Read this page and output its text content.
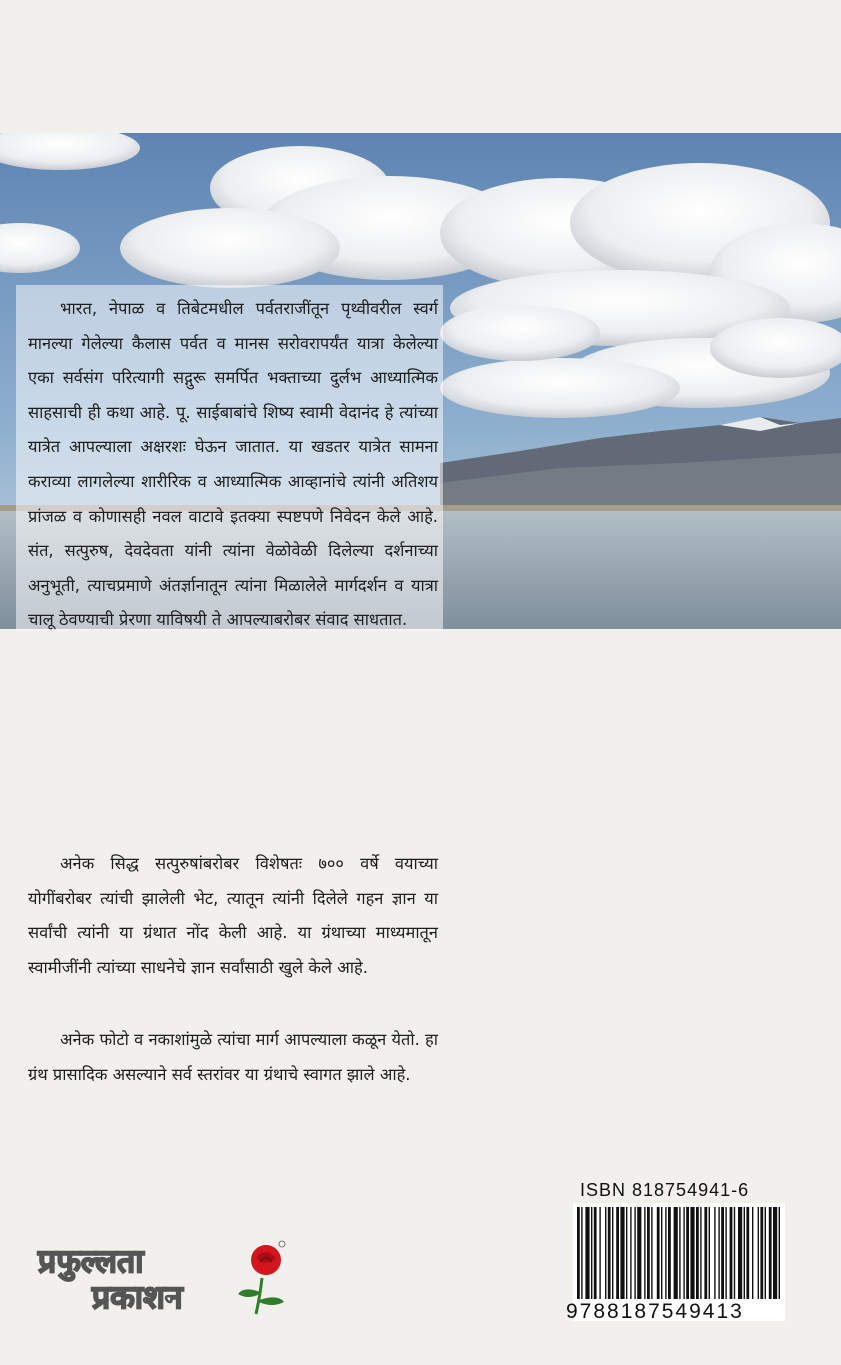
भारत, नेपाळ व तिबेटमधील पर्वतराजींतून पृथ्वीवरील स्वर्ग मानल्या गेलेल्या कैलास पर्वत व मानस सरोवरापर्यंत यात्रा केलेल्या एका सर्वसंग परित्यागी सद्गुरू समर्पित भक्ताच्या दुर्लभ आध्यात्मिक साहसाची ही कथा आहे. पू. साईबाबांचे शिष्य स्वामी वेदानंद हे त्यांच्या यात्रेत आपल्याला अक्षरशः घेऊन जातात. या खडतर यात्रेत सामना कराव्या लागलेल्या शारीरिक व आध्यात्मिक आव्हानांचे त्यांनी अतिशय प्रांजळ व कोणासही नवल वाटावे इतक्या स्पष्टपणे निवेदन केले आहे. संत, सत्पुरुष, देवदेवता यांनी त्यांना वेळोवेळी दिलेल्या दर्शनाच्या अनुभूती, त्याचप्रमाणे अंतर्ज्ञानातून त्यांना मिळालेले मार्गदर्शन व यात्रा चालू ठेवण्याची प्रेरणा याविषयी ते आपल्याबरोबर संवाद साधतात.

अनेक सिद्ध सत्पुरुषांबरोबर विशेषतः ७०० वर्षे वयाच्या योगींबरोबर त्यांची झालेली भेट, त्यातून त्यांनी दिलेले गहन ज्ञान या सर्वांची त्यांनी या ग्रंथात नोंद केली आहे. या ग्रंथाच्या माध्यमातून स्वामीजींनी त्यांच्या साधनेचे ज्ञान सर्वांसाठी खुले केले आहे.

अनेक फोटो व नकाशांमुळे त्यांचा मार्ग आपल्याला कळून येतो. हा ग्रंथ प्रासादिक असल्याने सर्व स्तरांवर या ग्रंथाचे स्वागत झाले आहे.

ISBN 818754941-6
9788187549413
प्रफुल्लता
प्रकाशन
